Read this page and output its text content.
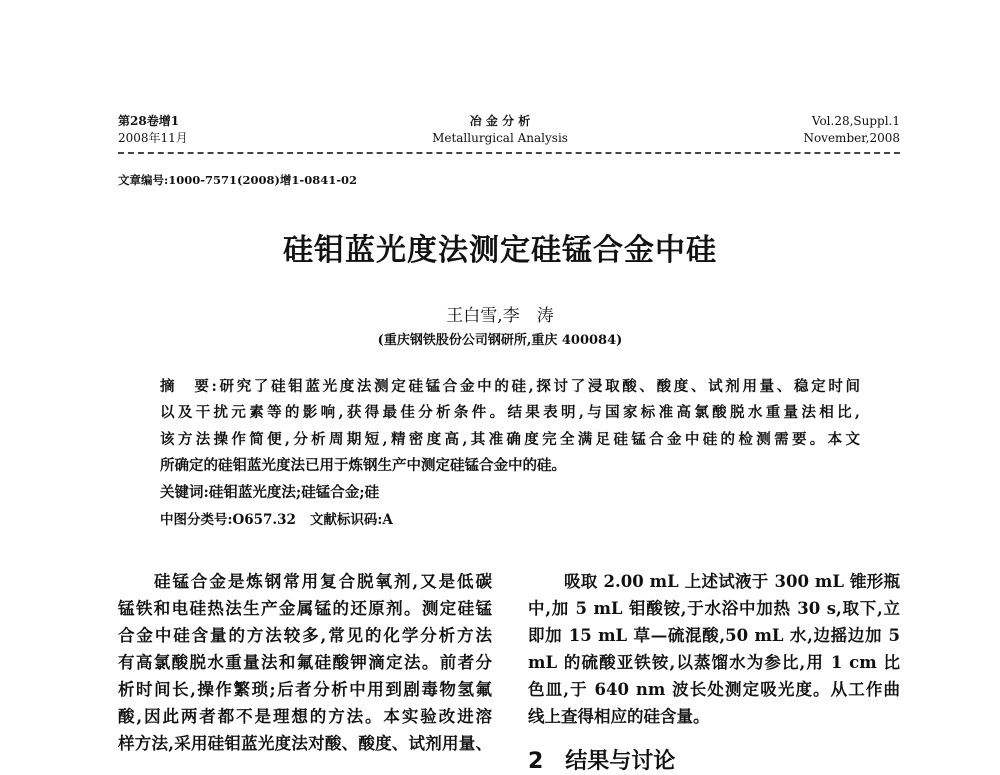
第28卷增1
2008年11月
冶 金 分 析
Metallurgical Analysis
Vol.28,Suppl.1
November,2008
文章编号:1000-7571(2008)增1-0841-02
硅钼蓝光度法测定硅锰合金中硅
王白雪,李　涛
(重庆钢铁股份公司钢研所,重庆 400084)
摘　要:研究了硅钼蓝光度法测定硅锰合金中的硅,探讨了浸取酸、酸度、试剂用量、稳定时间
以及干扰元素等的影响,获得最佳分析条件。结果表明,与国家标准高氯酸脱水重量法相比,
该方法操作简便,分析周期短,精密度高,其准确度完全满足硅锰合金中硅的检测需要。本文
所确定的硅钼蓝光度法已用于炼钢生产中测定硅锰合金中的硅。
关键词:硅钼蓝光度法;硅锰合金;硅
中图分类号:O657.32 文献标识码:A
硅锰合金是炼钢常用复合脱氧剂,又是低碳
锰铁和电硅热法生产金属锰的还原剂。测定硅锰
合金中硅含量的方法较多,常见的化学分析方法
有高氯酸脱水重量法和氟硅酸钾滴定法。前者分
析时间长,操作繁琐;后者分析中用到剧毒物氢氟
酸,因此两者都不是理想的方法。本实验改进溶
样方法,采用硅钼蓝光度法对酸、酸度、试剂用量、
吸取 2.00 mL 上述试液于 300 mL 锥形瓶
中,加 5 mL 钼酸铵,于水浴中加热 30 s,取下,立
即加 15 mL 草—硫混酸,50 mL 水,边摇边加 5
mL 的硫酸亚铁铵,以蒸馏水为参比,用 1 cm 比
色皿,于 640 nm 波长处测定吸光度。从工作曲
线上查得相应的硅含量。
2　结果与讨论
